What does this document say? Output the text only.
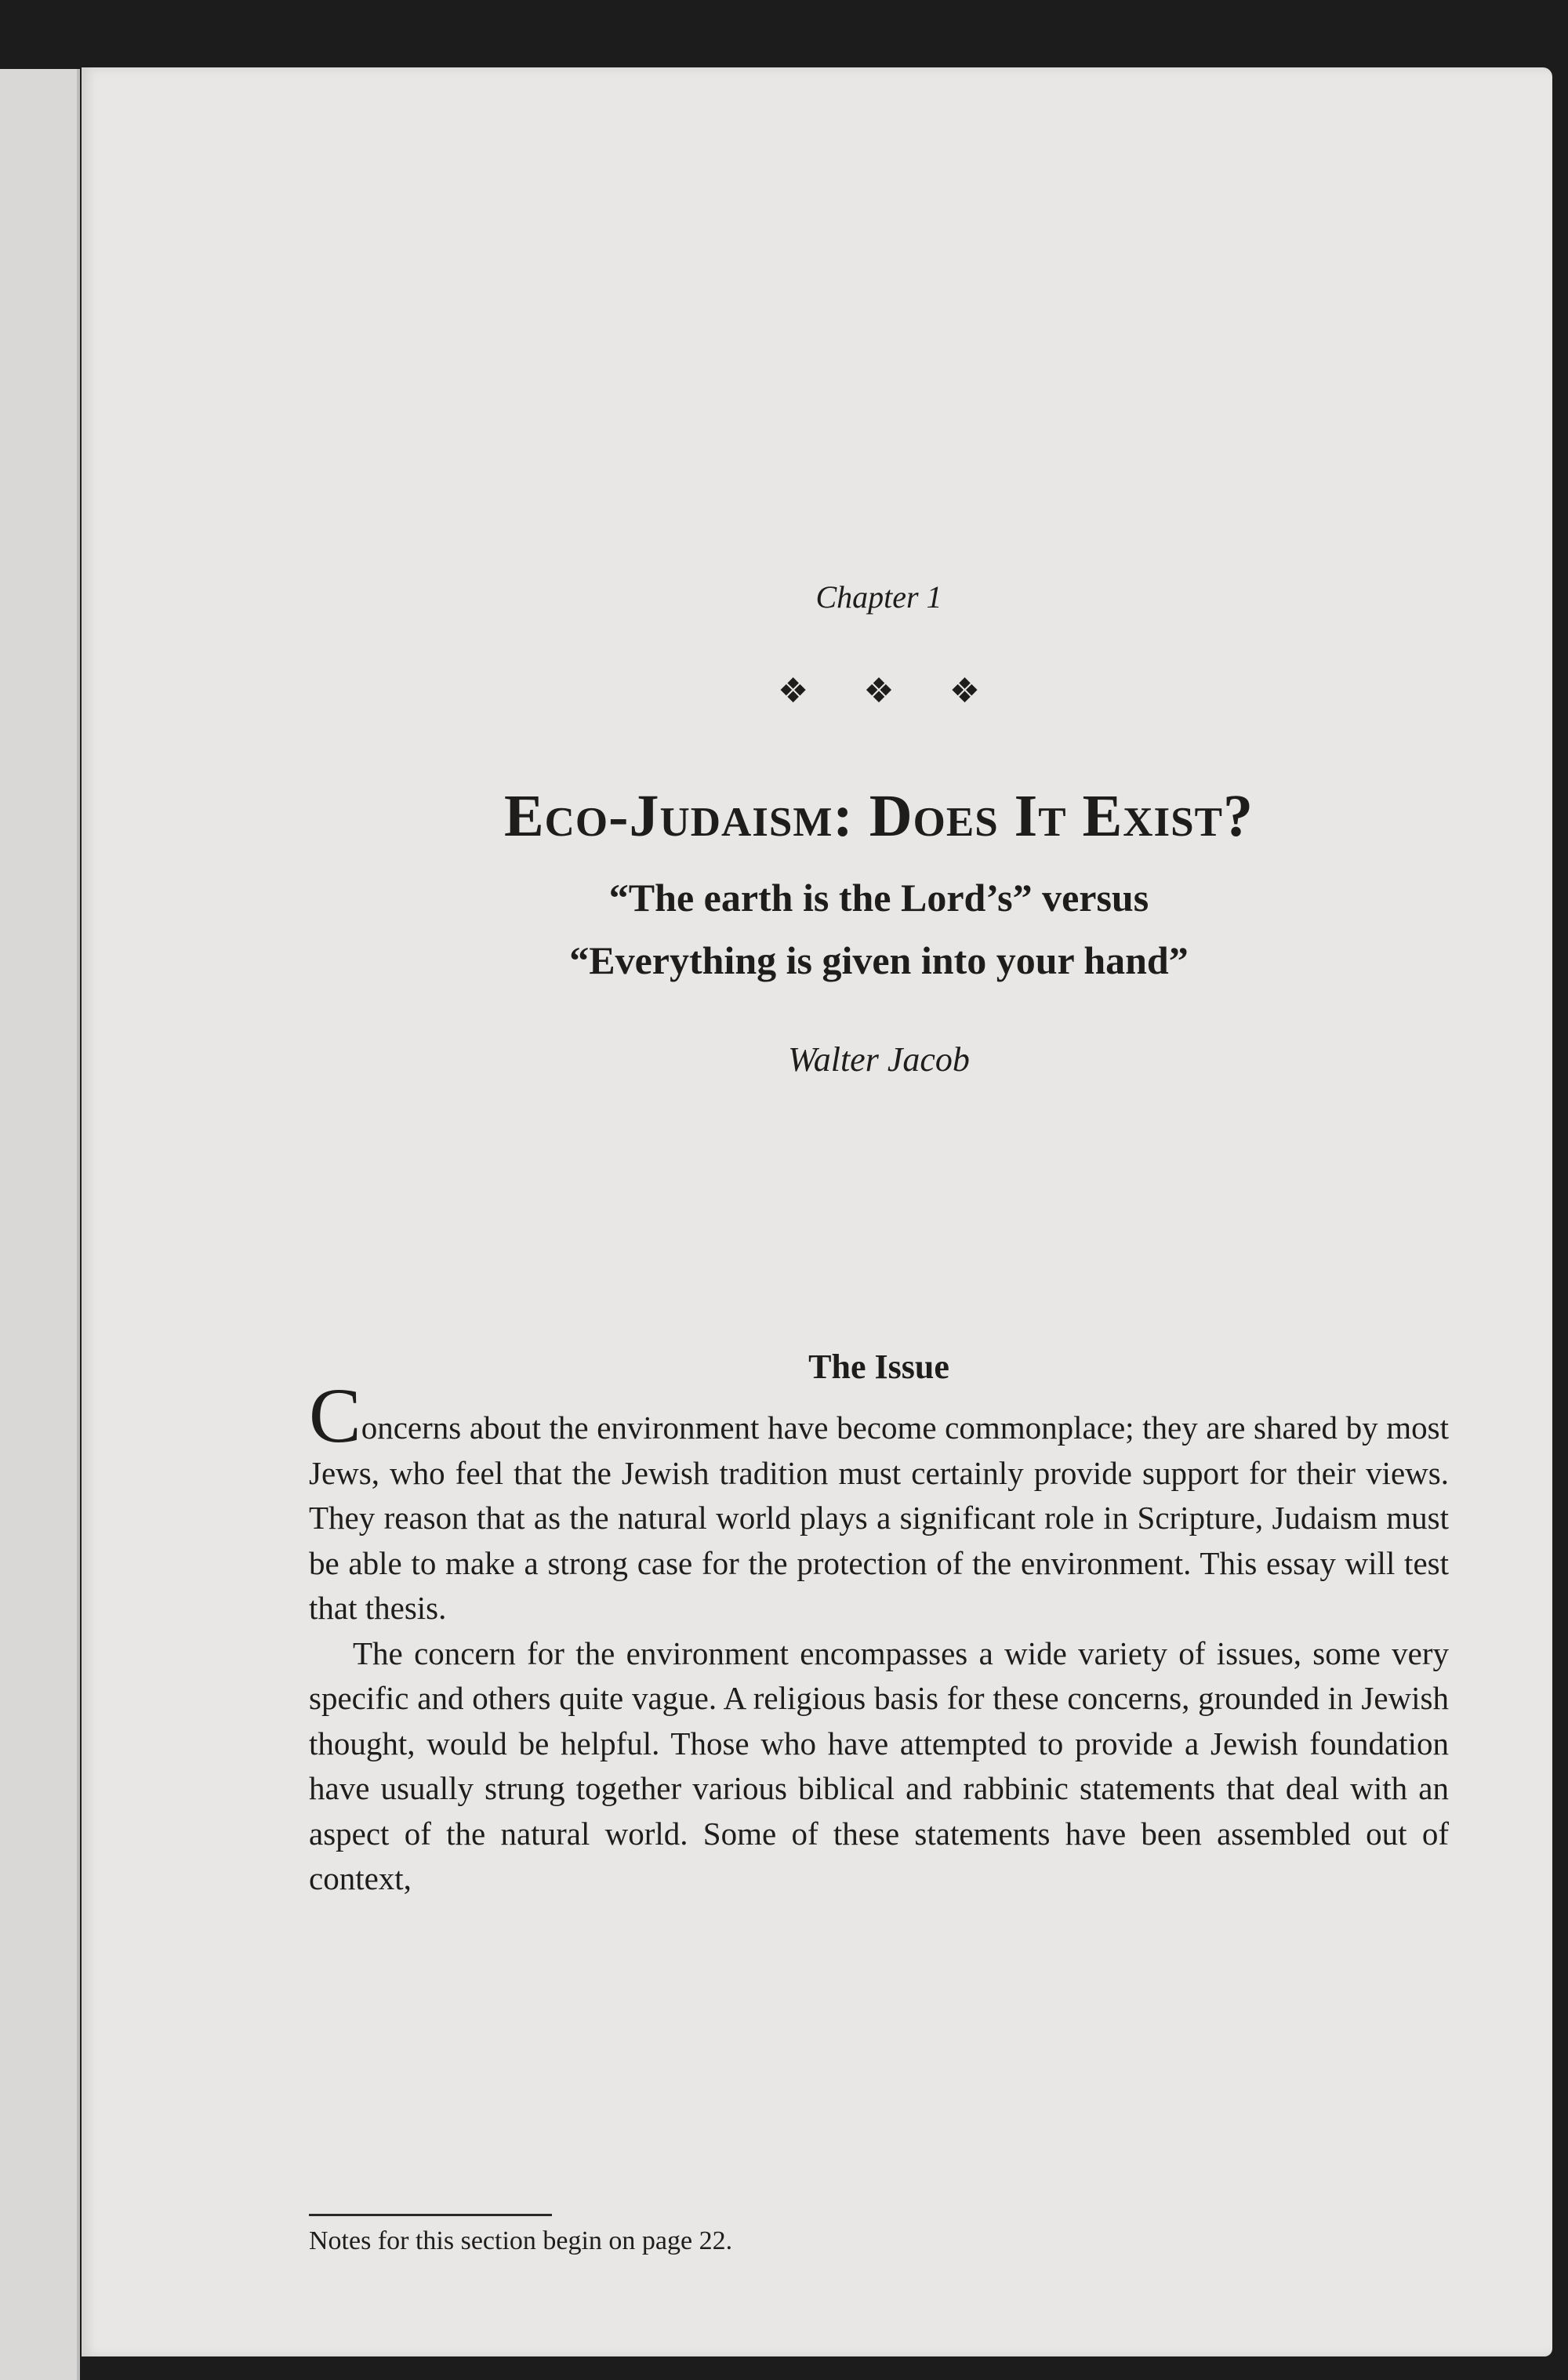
Chapter 1
❖❖❖
Eco-Judaism: Does It Exist?
“The earth is the Lord’s” versus
“Everything is given into your hand”
Walter Jacob
The Issue

Concerns about the environment have become commonplace; they are shared by most Jews, who feel that the Jewish tradition must certainly provide support for their views. They reason that as the natural world plays a significant role in Scripture, Judaism must be able to make a strong case for the protection of the environment. This essay will test that thesis.

The concern for the environment encompasses a wide variety of issues, some very specific and others quite vague. A religious basis for these concerns, grounded in Jewish thought, would be helpful. Those who have attempted to provide a Jewish foundation have usually strung together various biblical and rabbinic statements that deal with an aspect of the natural world. Some of these statements have been assembled out of context,

Notes for this section begin on page 22.
